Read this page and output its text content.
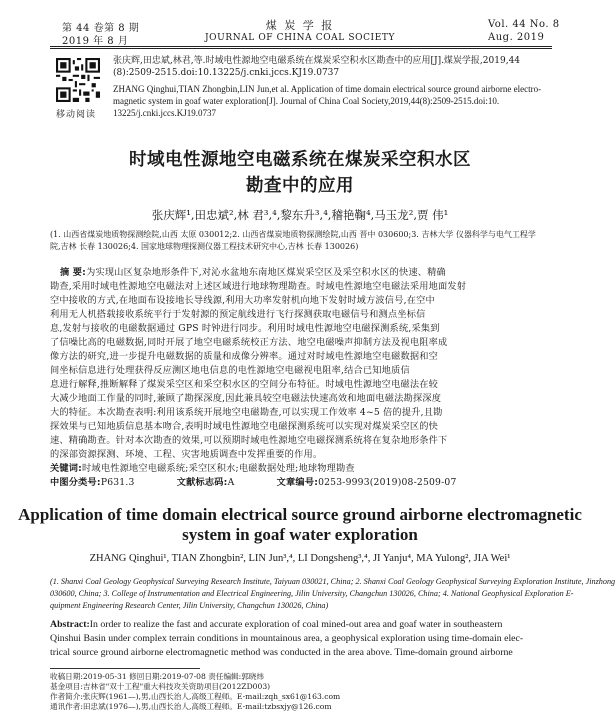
第 44 卷第 8 期
2019 年 8 月
煤 炭 学 报
JOURNAL OF CHINA COAL SOCIETY
Vol. 44 No. 8
Aug. 2019
移动阅读
张庆辉,田忠斌,林君,等.时域电性源地空电磁系统在煤炭采空积水区勘查中的应用[J].煤炭学报,2019,44
(8):2509-2515.doi:10.13225/j.cnki.jccs.KJ19.0737
ZHANG Qinghui,TIAN Zhongbin,LIN Jun,et al. Application of time domain electrical source ground airborne electro-
magnetic system in goaf water exploration[J]. Journal of China Coal Society,2019,44(8):2509-2515.doi:10.
13225/j.cnki.jccs.KJ19.0737
时域电性源地空电磁系统在煤炭采空积水区
勘查中的应用
张庆辉¹,田忠斌²,林 君³,⁴,黎东升³,⁴,稽艳鞠⁴,马玉龙²,贾 伟¹
(1. 山西省煤炭地质物探测绘院,山西 太原 030012;2. 山西省煤炭地质物探测绘院,山西 晋中 030600;3. 吉林大学 仪器科学与电气工程学
院,吉林 长春 130026;4. 国家地球物理探测仪器工程技术研究中心,吉林 长春 130026)
摘 要:为实现山区复杂地形条件下,对沁水盆地东南地区煤炭采空区及采空积水区的快速、精确
勘查,采用时域电性源地空电磁法对上述区域进行地球物理勘查。时域电性源地空电磁法采用地面发射
空中接收的方式,在地面布设接地长导线源,利用大功率发射机向地下发射时域方波信号,在空中
利用无人机搭载接收系统平行于发射源的预定航线进行飞行探测获取电磁信号和测点坐标信
息,发射与接收的电磁数据通过 GPS 时钟进行同步。利用时域电性源地空电磁探测系统,采集到
了信噪比高的电磁数据,同时开展了地空电磁系统校正方法、地空电磁噪声抑制方法及视电阻率成
像方法的研究,进一步提升电磁数据的质量和成像分辨率。通过对时域电性源地空电磁数据和空
间坐标信息进行处理获得反应测区地电信息的电性源地空电磁视电阻率,结合已知地质信
息进行解释,推断解释了煤炭采空区和采空积水区的空间分布特征。时域电性源地空电磁法在较
大减少地面工作量的同时,兼顾了勘探深度,因此兼具较空电磁法快速高效和地面电磁法勘探深度
大的特征。本次勘查表明:利用该系统开展地空电磁勘查,可以实现工作效率 4~5 倍的提升,且勘
探效果与已知地质信息基本吻合,表明时域电性源地空电磁探测系统可以实现对煤炭采空区的快
速、精确勘查。针对本次勘查的效果,可以预期时域电性源地空电磁探测系统将在复杂地形条件下
的深部资源探测、环境、工程、灾害地质调查中发挥重要的作用。
关键词:时域电性源地空电磁系统;采空区积水;电磁数据处理;地球物理勘查
中图分类号:P631.3	文献标志码:A	文章编号:0253-9993(2019)08-2509-07
Application of time domain electrical source ground airborne electromagnetic
system in goaf water exploration
ZHANG Qinghui¹, TIAN Zhongbin², LIN Jun³,⁴, LI Dongsheng³,⁴, JI Yanju⁴, MA Yulong², JIA Wei¹
(1. Shanxi Coal Geology Geophysical Surveying Research Institute, Taiyuan 030021, China; 2. Shanxi Coal Geology Geophysical Surveying Exploration Institute, Jinzhong
030600, China; 3. College of Instrumentation and Electrical Engineering, Jilin University, Changchun 130026, China; 4. National Geophysical Exploration E-
quipment Engineering Research Center, Jilin University, Changchun 130026, China)
Abstract:In order to realize the fast and accurate exploration of coal mined-out area and goaf water in southeastern
Qinshui Basin under complex terrain conditions in mountainous area, a geophysical exploration using time-domain elec-
trical source ground airborne electromagnetic method was conducted in the area above. Time-domain ground airborne
收稿日期:2019-05-31 修回日期:2019-07-08 责任编辑:郭晓炜
基金项目:吉林省"双十工程"重大科技攻关资助项目(2012ZD003)
作者简介:张庆辉(1961—),男,山西长治人,高级工程师。E-mail:zqh_sx61@163.com
通讯作者:田忠斌(1976—),男,山西长治人,高级工程师。E-mail:tzbsxjy@126.com
